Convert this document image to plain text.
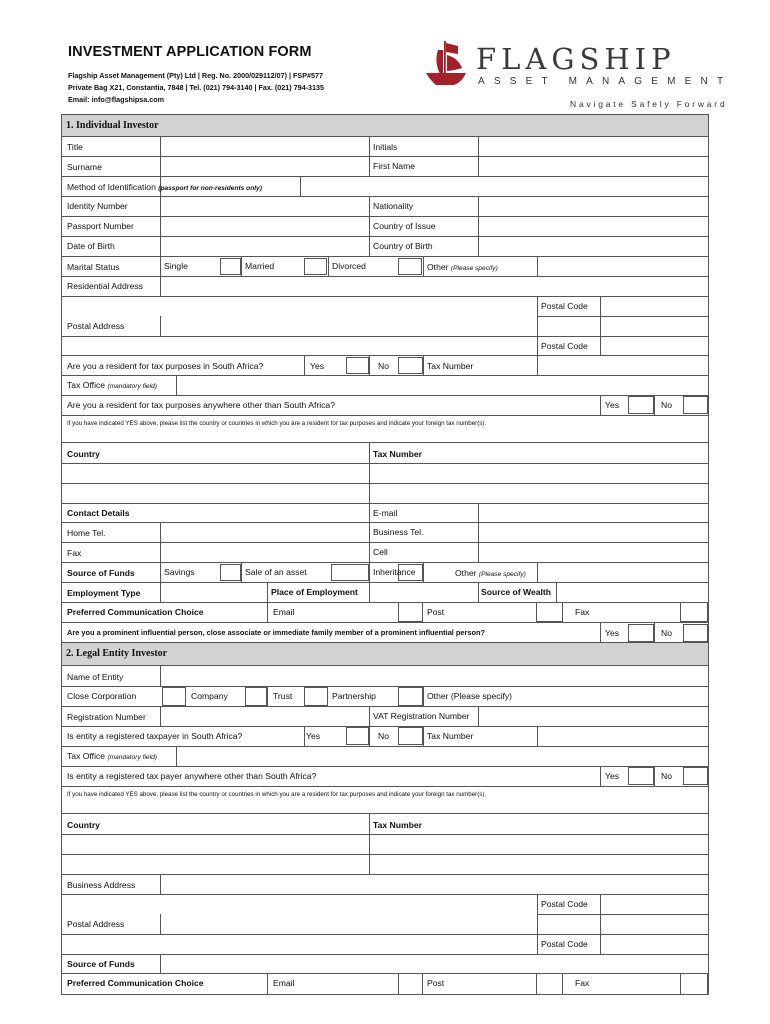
INVESTMENT APPLICATION FORM
Flagship Asset Management (Pty) Ltd | Reg. No. 2000/029112/07) | FSP#577
Private Bag X21, Constantia, 7848 | Tel. (021) 794-3140 | Fax. (021) 794-3135
Email: info@flagshipsa.com
FLAGSHIP
ASSET MANAGEMENT
Navigate Safely Forward
1. Individual Investor
Title	Initials
Surname	First Name
Method of Identification (passport for non-residents only)
Identity Number	Nationality
Passport Number	Country of Issue
Date of Birth	Country of Birth
Marital Status	Single	Married	Divorced	Other (Please specify)
Residential Address
Postal Code
Postal Address
Postal Code
Are you a resident for tax purposes in South Africa?	Yes	No	Tax Number
Tax Office (mandatory field)
Are you a resident for tax purposes anywhere other than South Africa?	Yes	No
If you have indicated YES above, please list the country or countries in which you are a resident for tax purposes and indicate your foreign tax number(s).
Country	Tax Number
Contact Details	E-mail
Home Tel.	Business Tel.
Fax	Cell
Source of Funds	Savings	Sale of an asset	Inheritance	Other (Please specify)
Employment Type	Place of Employment	Source of Wealth
Preferred Communication Choice	Email	Post	Fax
Are you a prominent influential person, close associate or immediate family member of a prominent influential person?	Yes	No
2. Legal Entity Investor
Name of Entity
Close Corporation	Company	Trust	Partnership	Other (Please specify)
Registration Number	VAT Registration Number
Is entity a registered taxpayer in South Africa?	Yes	No	Tax Number
Tax Office (mandatory field)
Is entity a registered tax payer anywhere other than South Africa?	Yes	No
If you have indicated YES above, please list the country or countries in which you are a resident for tax purposes and indicate your foreign tax number(s).
Country	Tax Number
Business Address
Postal Code
Postal Address
Postal Code
Source of Funds
Preferred Communication Choice	Email	Post	Fax
